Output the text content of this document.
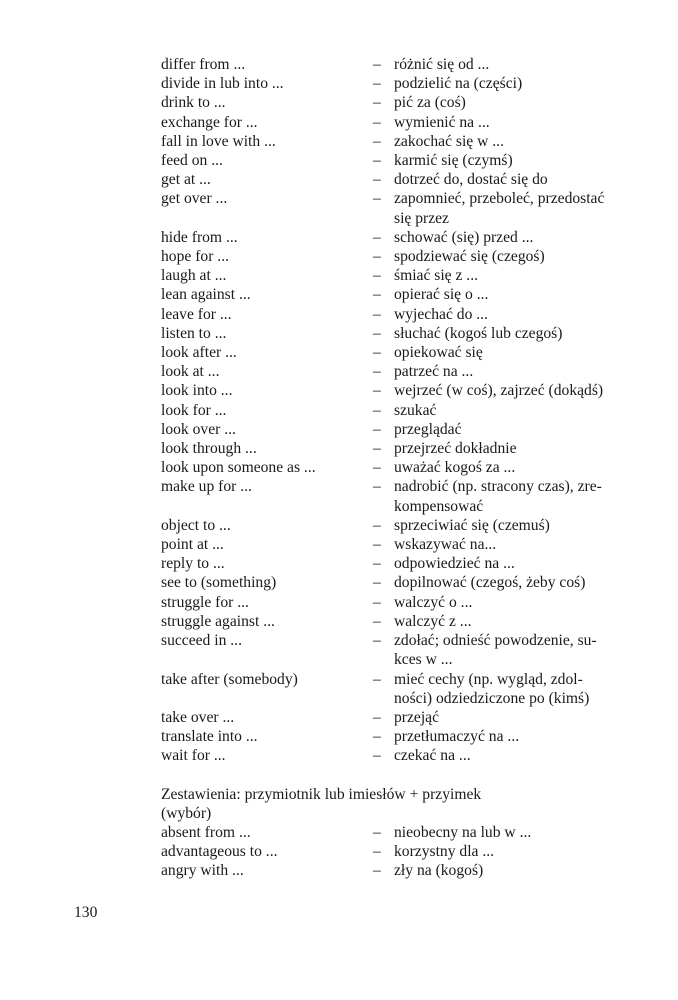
differ from ...	– różnić się od ...
divide in lub into ...	– podzielić na (części)
drink to ...	– pić za (coś)
exchange for ...	– wymienić na ...
fall in love with ...	– zakochać się w ...
feed on ...	– karmić się (czymś)
get at ...	– dotrzeć do, dostać się do
get over ...	– zapomnieć, przeboleć, przedostać
się przez
hide from ...	– schować (się) przed ...
hope for ...	– spodziewać się (czegoś)
laugh at ...	– śmiać się z ...
lean against ...	– opierać się o ...
leave for ...	– wyjechać do ...
listen to ...	– słuchać (kogoś lub czegoś)
look after ...	– opiekować się
look at ...	– patrzeć na ...
look into ...	– wejrzeć (w coś), zajrzeć (dokądś)
look for ...	– szukać
look over ...	– przeglądać
look through ...	– przejrzeć dokładnie
look upon someone as ...	– uważać kogoś za ...
make up for ...	– nadrobić (np. stracony czas), zre-
kompensować
object to ...	– sprzeciwiać się (czemuś)
point at ...	– wskazywać na...
reply to ...	– odpowiedzieć na ...
see to (something)	– dopilnować (czegoś, żeby coś)
struggle for ...	– walczyć o ...
struggle against ...	– walczyć z ...
succeed in ...	– zdołać; odnieść powodzenie, su-
kces w ...
take after (somebody)	– mieć cechy (np. wygląd, zdol-
ności) odziedziczone po (kimś)
take over ...	– przejąć
translate into ...	– przetłumaczyć na ...
wait for ...	– czekać na ...
Zestawienia: przymiotnik lub imiesłów + przyimek
(wybór)
absent from ...	– nieobecny na lub w ...
advantageous to ...	– korzystny dla ...
angry with ...	– zły na (kogoś)
130
